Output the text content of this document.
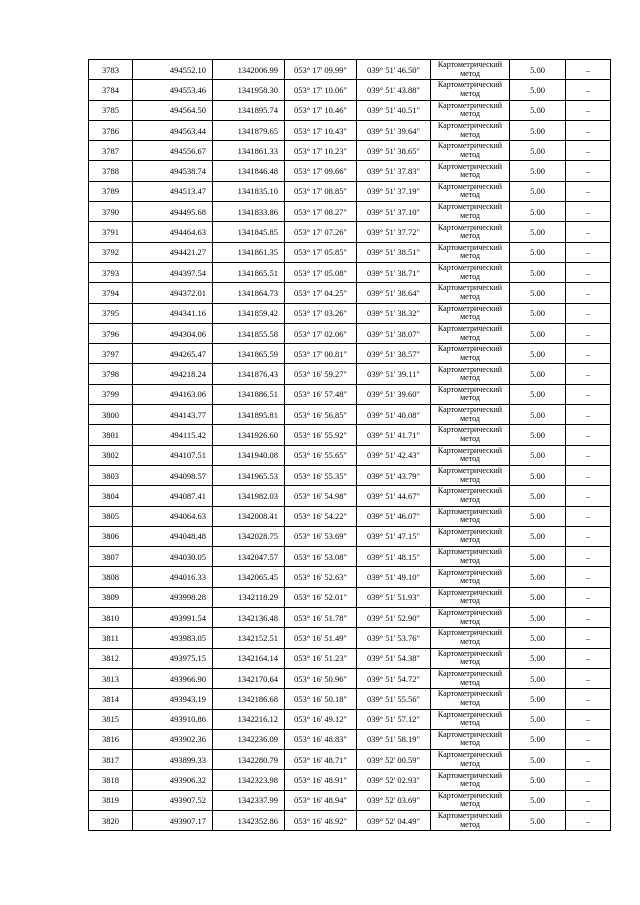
3783	494552.10	1342006.99	053° 17' 09.99"	039° 51' 46.50"	Картометрический метод	5.00	–
3784	494553.46	1341958.30	053° 17' 10.06"	039° 51' 43.88"	Картометрический метод	5.00	–
3785	494564.50	1341895.74	053° 17' 10.46"	039° 51' 40.51"	Картометрический метод	5.00	–
3786	494563.44	1341879.65	053° 17' 10.43"	039° 51' 39.64"	Картометрический метод	5.00	–
3787	494556.67	1341861.33	053° 17' 10.23"	039° 51' 38.65"	Картометрический метод	5.00	–
3788	494538.74	1341846.48	053° 17' 09.66"	039° 51' 37.83"	Картометрический метод	5.00	–
3789	494513.47	1341835.10	053° 17' 08.85"	039° 51' 37.19"	Картометрический метод	5.00	–
3790	494495.68	1341833.86	053° 17' 08.27"	039° 51' 37.10"	Картометрический метод	5.00	–
3791	494464.63	1341845.85	053° 17' 07.26"	039° 51' 37.72"	Картометрический метод	5.00	–
3792	494421.27	1341861.35	053° 17' 05.85"	039° 51' 38.51"	Картометрический метод	5.00	–
3793	494397.54	1341865.51	053° 17' 05.08"	039° 51' 38.71"	Картометрический метод	5.00	–
3794	494372.01	1341864.73	053° 17' 04.25"	039° 51' 38.64"	Картометрический метод	5.00	–
3795	494341.16	1341859.42	053° 17' 03.26"	039° 51' 38.32"	Картометрический метод	5.00	–
3796	494304.06	1341855.58	053° 17' 02.06"	039° 51' 38.07"	Картометрический метод	5.00	–
3797	494265.47	1341865.59	053° 17' 00.81"	039° 51' 38.57"	Картометрический метод	5.00	–
3798	494218.24	1341876.43	053° 16' 59.27"	039° 51' 39.11"	Картометрический метод	5.00	–
3799	494163.06	1341886.51	053° 16' 57.48"	039° 51' 39.60"	Картометрический метод	5.00	–
3800	494143.77	1341895.81	053° 16' 56.85"	039° 51' 40.08"	Картометрический метод	5.00	–
3801	494115.42	1341926.60	053° 16' 55.92"	039° 51' 41.71"	Картометрический метод	5.00	–
3802	494107.51	1341940.08	053° 16' 55.65"	039° 51' 42.43"	Картометрический метод	5.00	–
3803	494098.57	1341965.53	053° 16' 55.35"	039° 51' 43.79"	Картометрический метод	5.00	–
3804	494087.41	1341982.03	053° 16' 54.98"	039° 51' 44.67"	Картометрический метод	5.00	–
3805	494064.63	1342008.41	053° 16' 54.22"	039° 51' 46.07"	Картометрический метод	5.00	–
3806	494048.48	1342028.75	053° 16' 53.69"	039° 51' 47.15"	Картометрический метод	5.00	–
3807	494030.05	1342047.57	053° 16' 53.08"	039° 51' 48.15"	Картометрический метод	5.00	–
3808	494016.33	1342065.45	053° 16' 52.63"	039° 51' 49.10"	Картометрический метод	5.00	–
3809	493998.28	1342118.29	053° 16' 52.01"	039° 51' 51.93"	Картометрический метод	5.00	–
3810	493991.54	1342136.48	053° 16' 51.78"	039° 51' 52.90"	Картометрический метод	5.00	–
3811	493983.05	1342152.51	053° 16' 51.49"	039° 51' 53.76"	Картометрический метод	5.00	–
3812	493975.15	1342164.14	053° 16' 51.23"	039° 51' 54.38"	Картометрический метод	5.00	–
3813	493966.90	1342170.64	053° 16' 50.96"	039° 51' 54.72"	Картометрический метод	5.00	–
3814	493943.19	1342186.68	053° 16' 50.18"	039° 51' 55.56"	Картометрический метод	5.00	–
3815	493910.86	1342216.12	053° 16' 49.12"	039° 51' 57.12"	Картометрический метод	5.00	–
3816	493902.36	1342236.09	053° 16' 48.83"	039° 51' 58.19"	Картометрический метод	5.00	–
3817	493899.33	1342280.79	053° 16' 48.71"	039° 52' 00.59"	Картометрический метод	5.00	–
3818	493906.32	1342323.98	053° 16' 48.91"	039° 52' 02.93"	Картометрический метод	5.00	–
3819	493907.52	1342337.99	053° 16' 48.94"	039° 52' 03.69"	Картометрический метод	5.00	–
3820	493907.17	1342352.86	053° 16' 48.92"	039° 52' 04.49"	Картометрический метод	5.00	–
